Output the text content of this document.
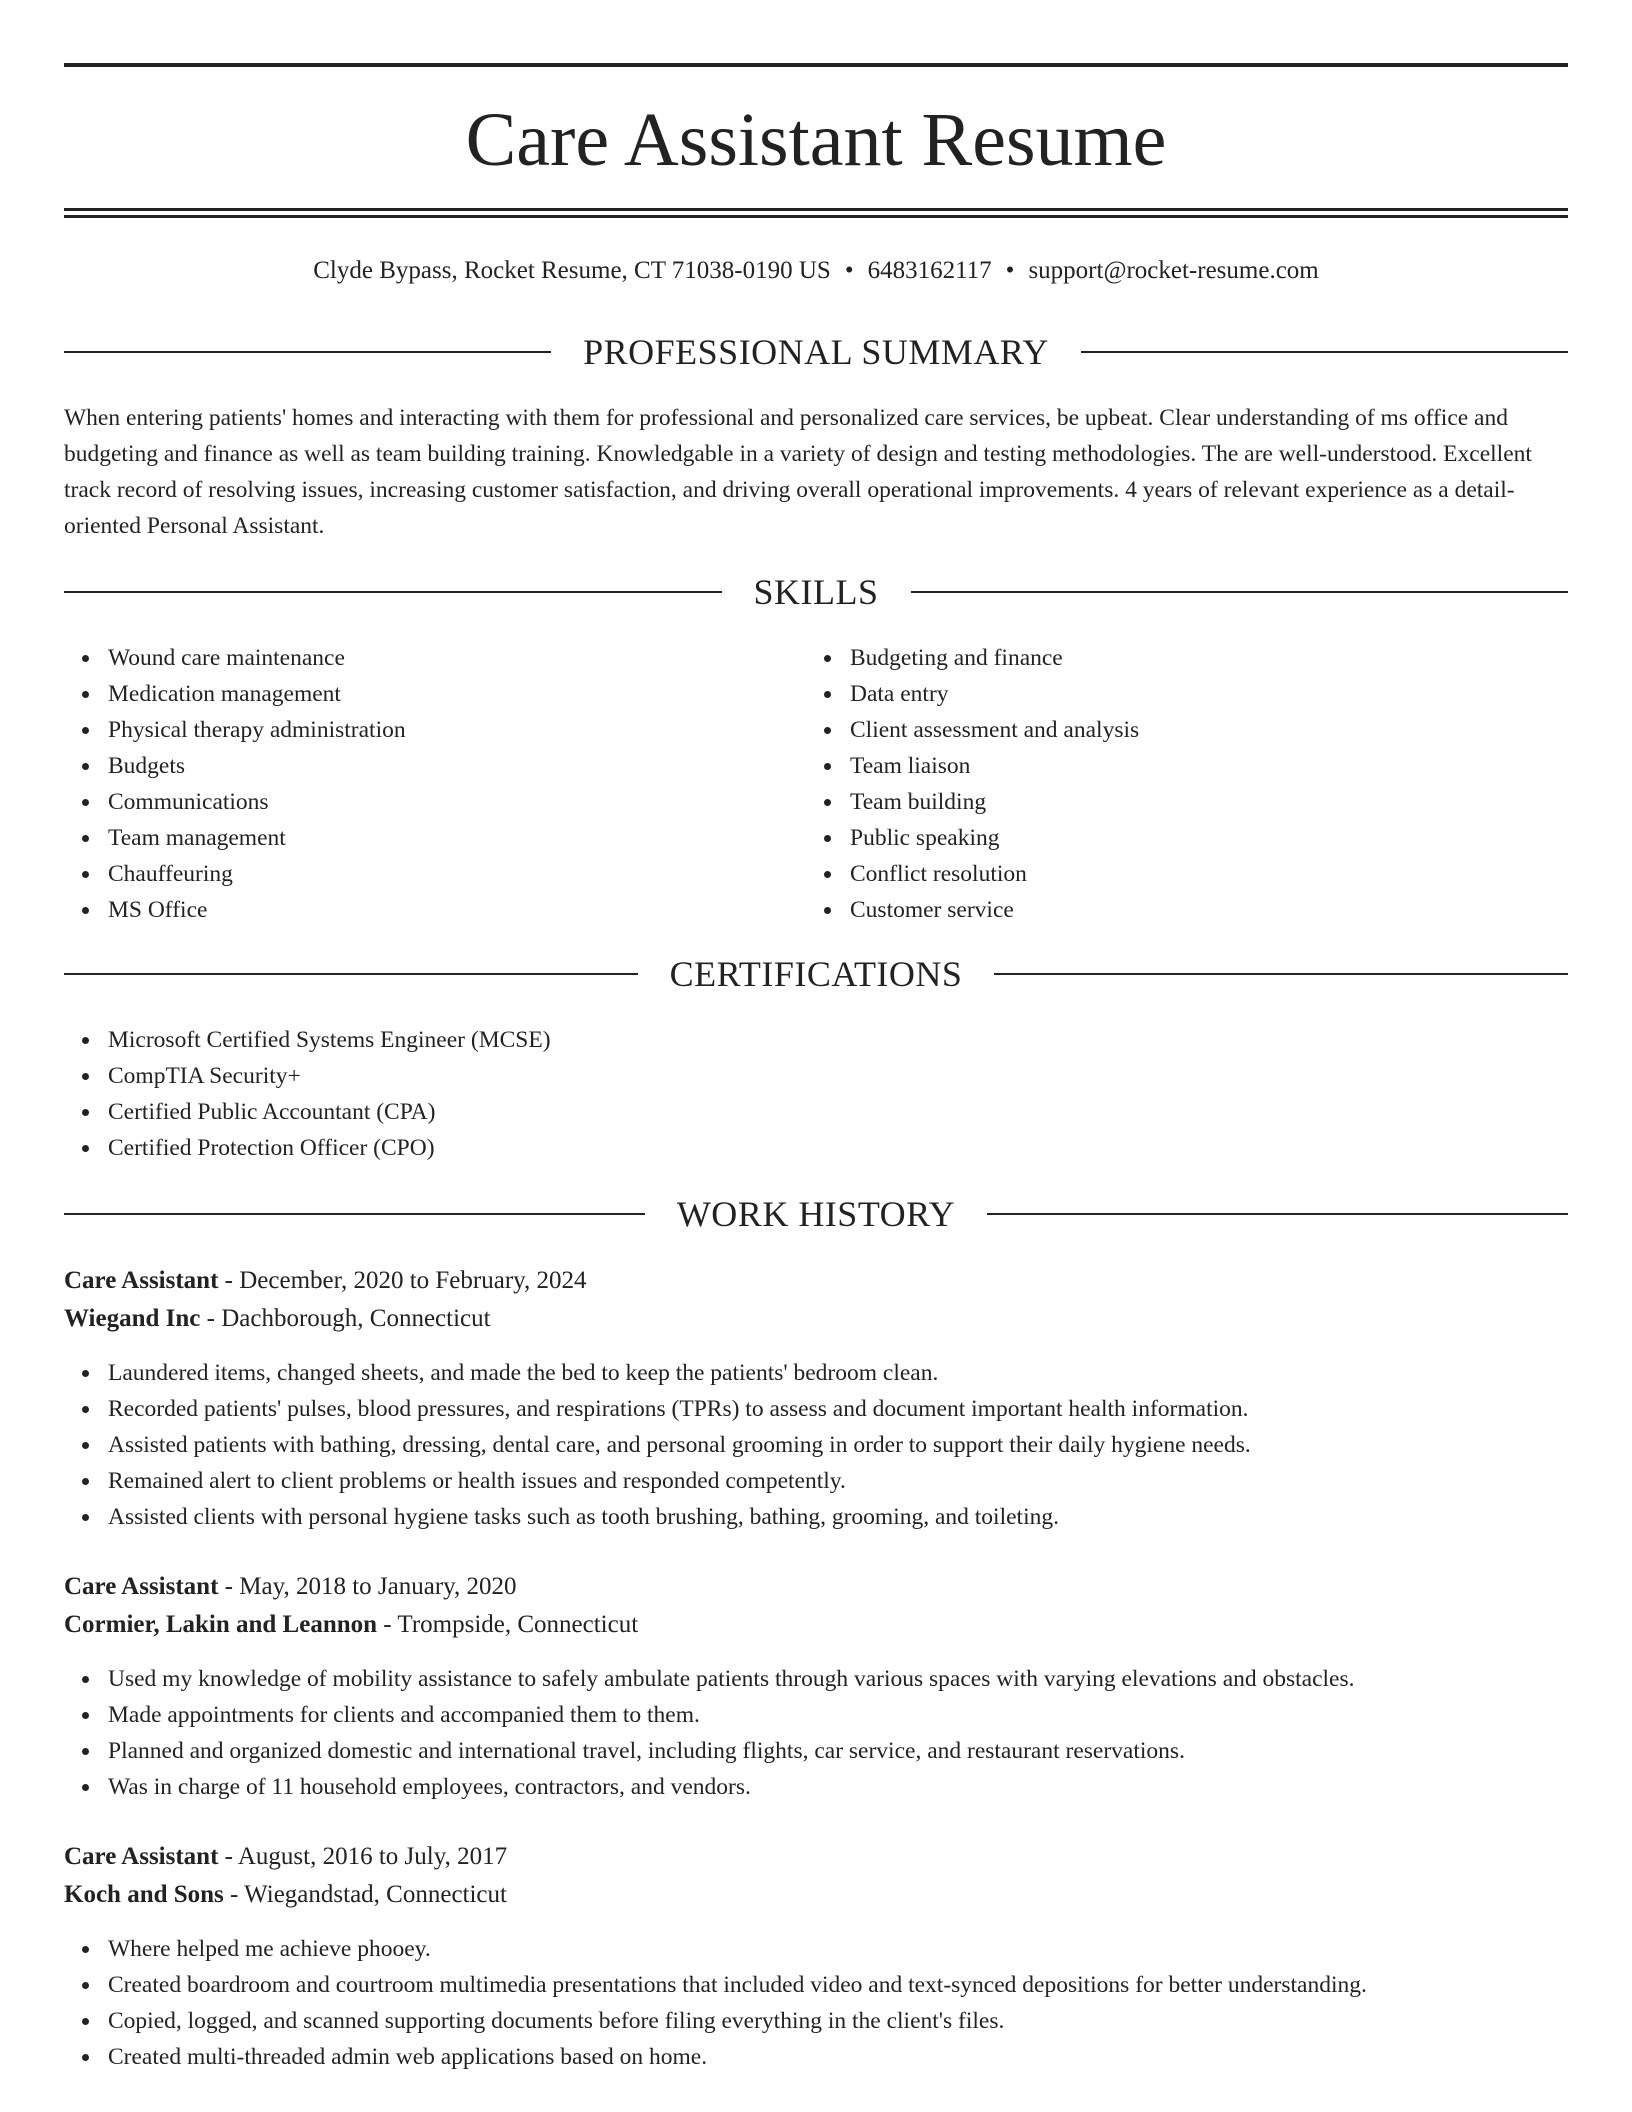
Care Assistant Resume
Clyde Bypass, Rocket Resume, CT 71038-0190 US • 6483162117 • support@rocket-resume.com
PROFESSIONAL SUMMARY

When entering patients' homes and interacting with them for professional and personalized care services, be upbeat. Clear understanding of ms office and budgeting and finance as well as team building training. Knowledgable in a variety of design and testing methodologies. The are well-understood. Excellent track record of resolving issues, increasing customer satisfaction, and driving overall operational improvements. 4 years of relevant experience as a detail-oriented Personal Assistant.

SKILLS
Wound care maintenance
Medication management
Physical therapy administration
Budgets
Communications
Team management
Chauffeuring
MS Office
Budgeting and finance
Data entry
Client assessment and analysis
Team liaison
Team building
Public speaking
Conflict resolution
Customer service
CERTIFICATIONS
Microsoft Certified Systems Engineer (MCSE)
CompTIA Security+
Certified Public Accountant (CPA)
Certified Protection Officer (CPO)
WORK HISTORY
Care Assistant - December, 2020 to February, 2024
Wiegand Inc - Dachborough, Connecticut
Laundered items, changed sheets, and made the bed to keep the patients' bedroom clean.
Recorded patients' pulses, blood pressures, and respirations (TPRs) to assess and document important health information.
Assisted patients with bathing, dressing, dental care, and personal grooming in order to support their daily hygiene needs.
Remained alert to client problems or health issues and responded competently.
Assisted clients with personal hygiene tasks such as tooth brushing, bathing, grooming, and toileting.
Care Assistant - May, 2018 to January, 2020
Cormier, Lakin and Leannon - Trompside, Connecticut
Used my knowledge of mobility assistance to safely ambulate patients through various spaces with varying elevations and obstacles.
Made appointments for clients and accompanied them to them.
Planned and organized domestic and international travel, including flights, car service, and restaurant reservations.
Was in charge of 11 household employees, contractors, and vendors.
Care Assistant - August, 2016 to July, 2017
Koch and Sons - Wiegandstad, Connecticut
Where helped me achieve phooey.
Created boardroom and courtroom multimedia presentations that included video and text-synced depositions for better understanding.
Copied, logged, and scanned supporting documents before filing everything in the client's files.
Created multi-threaded admin web applications based on home.
